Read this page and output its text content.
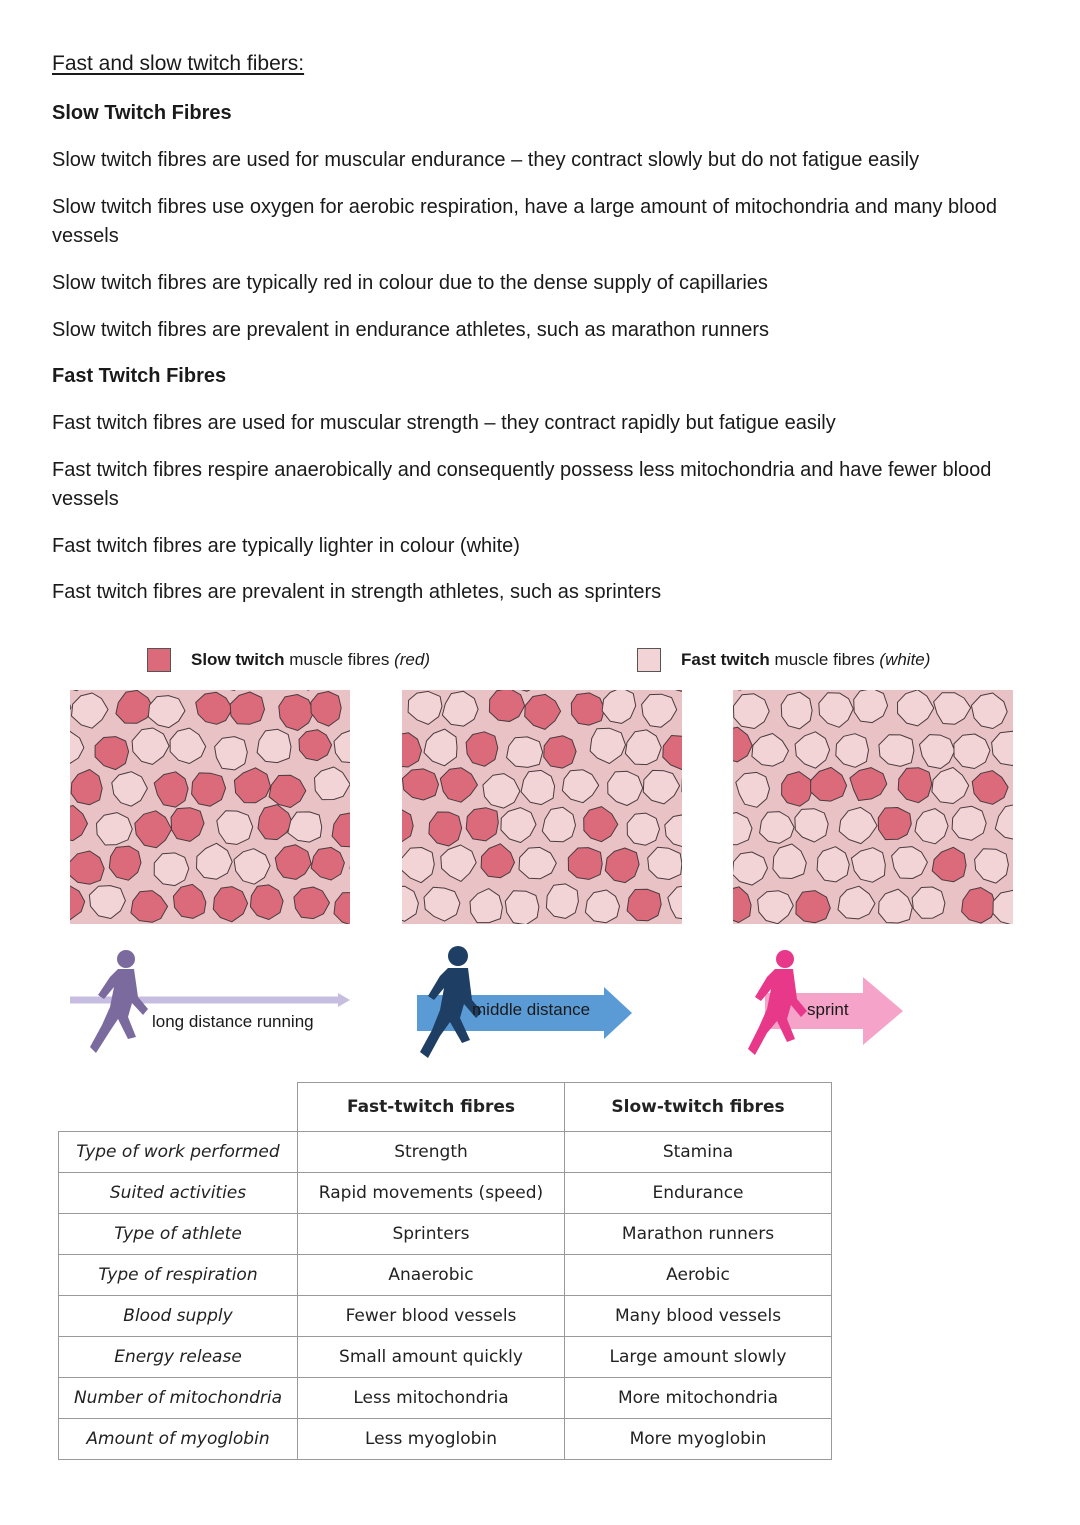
Fast and slow twitch fibers:
Slow Twitch Fibres
Slow twitch fibres are used for muscular endurance – they contract slowly but do not fatigue easily
Slow twitch fibres use oxygen for aerobic respiration, have a large amount of mitochondria and many blood vessels
Slow twitch fibres are typically red in colour due to the dense supply of capillaries
Slow twitch fibres are prevalent in endurance athletes, such as marathon runners
Fast Twitch Fibres
Fast twitch fibres are used for muscular strength – they contract rapidly but fatigue easily
Fast twitch fibres respire anaerobically and consequently possess less mitochondria and have fewer blood vessels
Fast twitch fibres are typically lighter in colour (white)
Fast twitch fibres are prevalent in strength athletes, such as sprinters
Slow twitch muscle fibres (red)	Fast twitch muscle fibres (white)
long distance running
middle distance	sprint
	Fast-twitch fibres	Slow-twitch fibres
Type of work performed	Strength	Stamina
Suited activities	Rapid movements (speed)	Endurance
Type of athlete	Sprinters	Marathon runners
Type of respiration	Anaerobic	Aerobic
Blood supply	Fewer blood vessels	Many blood vessels
Energy release	Small amount quickly	Large amount slowly
Number of mitochondria	Less mitochondria	More mitochondria
Amount of myoglobin	Less myoglobin	More myoglobin
